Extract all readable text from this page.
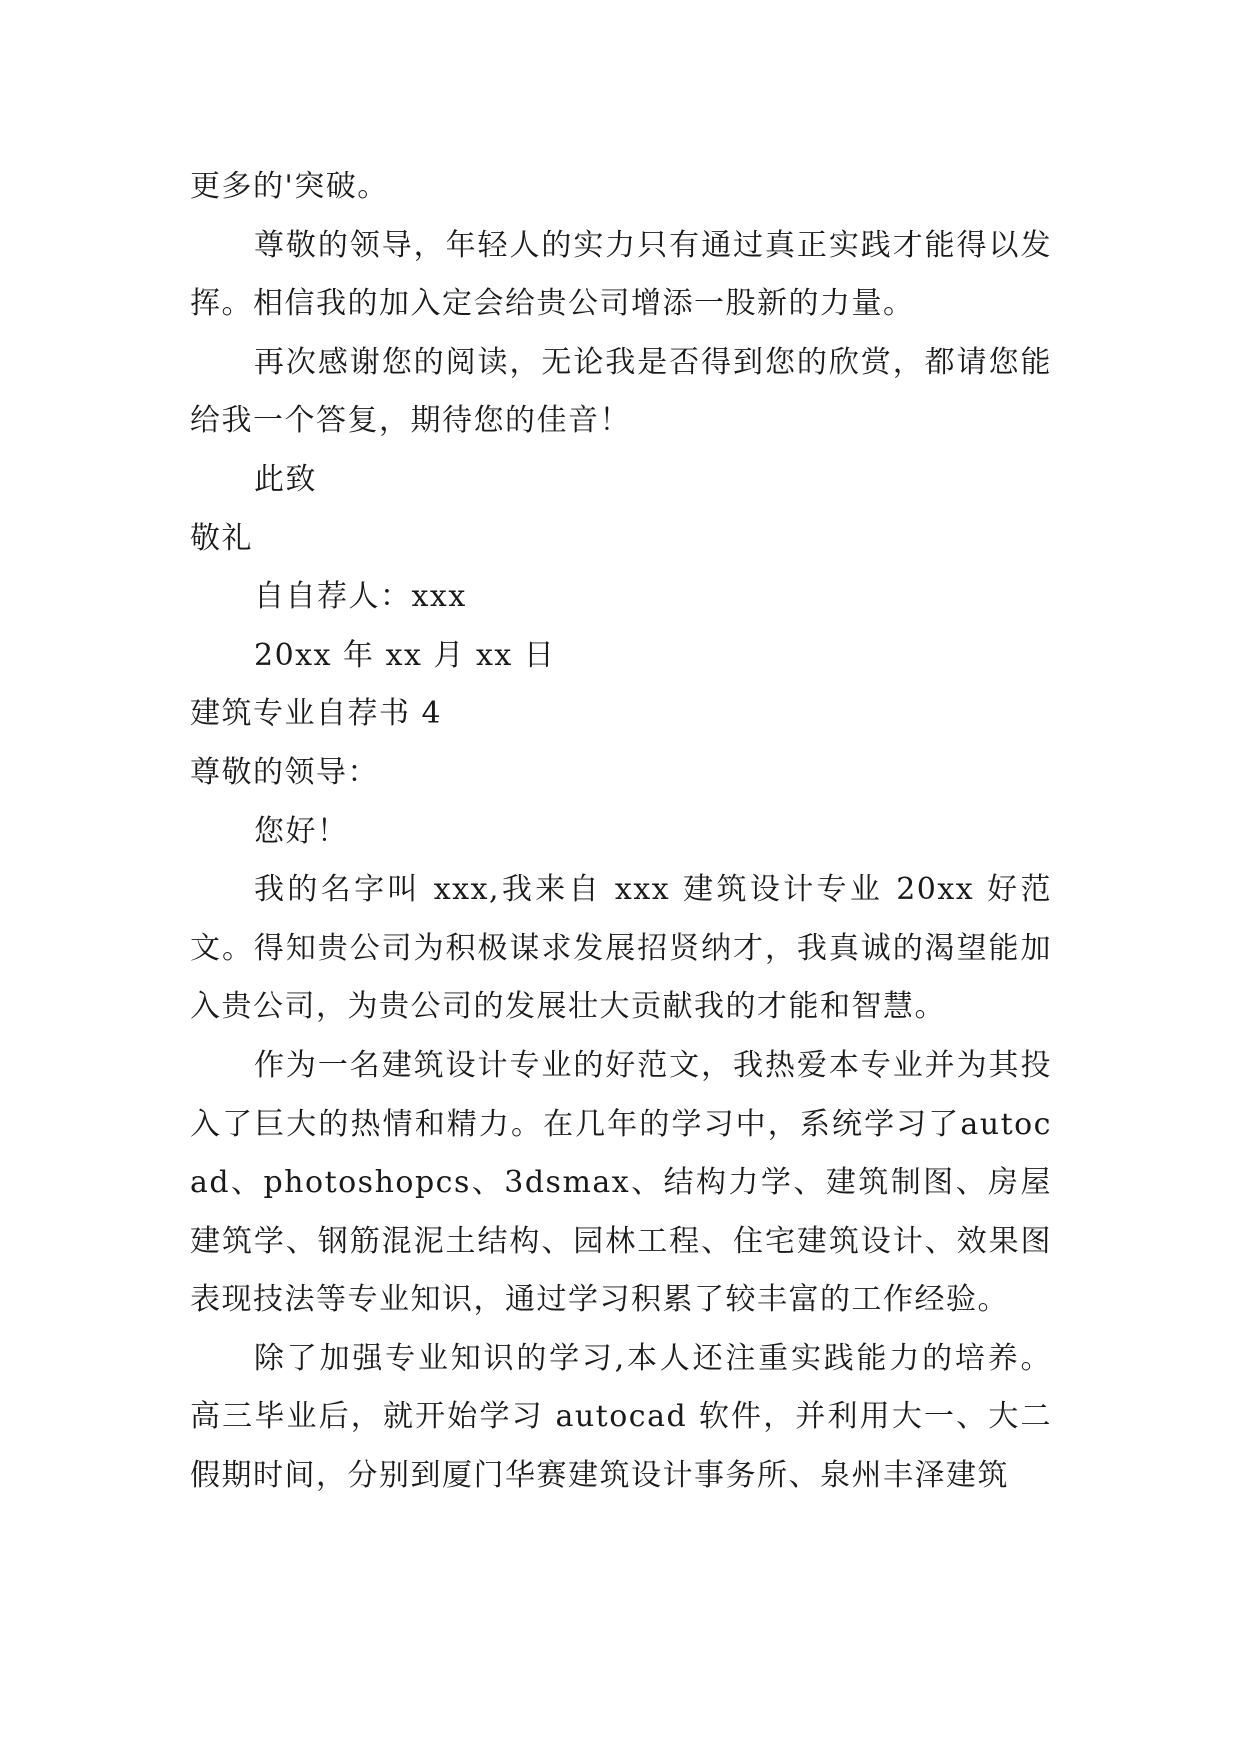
更多的'突破。

尊敬的领导，年轻人的实力只有通过真正实践才能得以发挥。相信我的加入定会给贵公司增添一股新的力量。

再次感谢您的阅读，无论我是否得到您的欣赏，都请您能给我一个答复，期待您的佳音！

此致

敬礼

自自荐人：xxx

20xx 年 xx 月 xx 日

建筑专业自荐书 4

尊敬的领导：

您好！

我的名字叫 xxx,我来自 xxx 建筑设计专业 20xx 好范文。得知贵公司为积极谋求发展招贤纳才，我真诚的渴望能加入贵公司，为贵公司的发展壮大贡献我的才能和智慧。

作为一名建筑设计专业的好范文，我热爱本专业并为其投入了巨大的热情和精力。在几年的学习中，系统学习了autocad、photoshopcs、3dsmax、结构力学、建筑制图、房屋建筑学、钢筋混泥土结构、园林工程、住宅建筑设计、效果图表现技法等专业知识，通过学习积累了较丰富的工作经验。

除了加强专业知识的学习,本人还注重实践能力的培养。高三毕业后，就开始学习 autocad 软件，并利用大一、大二假期时间，分别到厦门华赛建筑设计事务所、泉州丰泽建筑
